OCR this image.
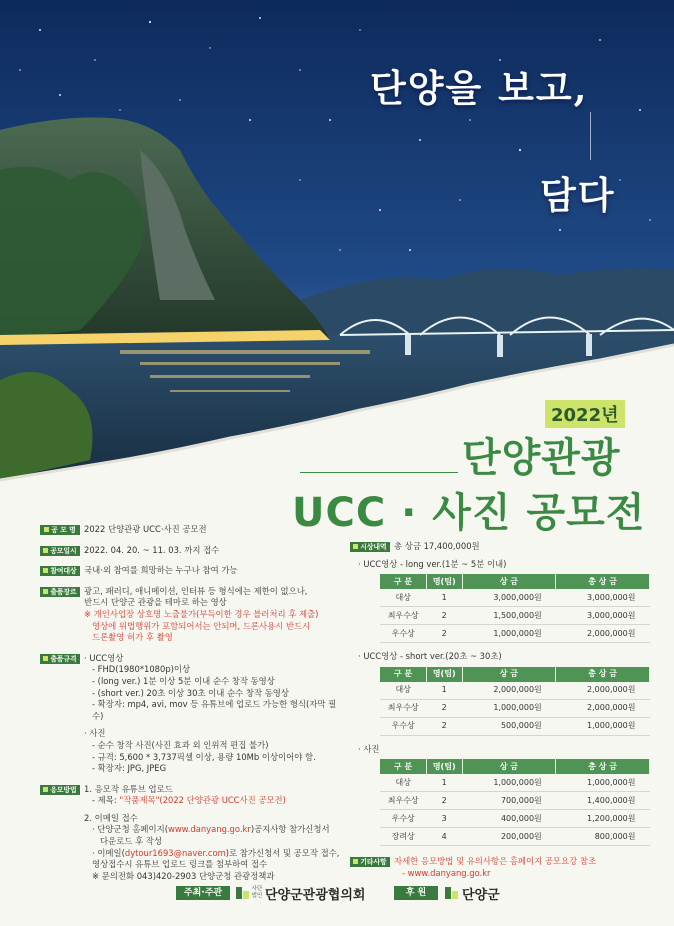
단양을 보고,
담다
2022년
단양관광
UCC · 사진 공모전
공 모 명 2022 단양관광 UCC·사진 공모전
공모일시 2022. 04. 20. ~ 11. 03. 까지 접수
참여대상 국내·외 참여를 희망하는 누구나 참여 가능
출품장르 광고, 패러디, 애니메이션, 인터뷰 등 형식에는 제한이 없으나,
반드시 단양군 관광을 테마로 하는 영상
※ 개인사업장 상호명 노출불가(부득이한 경우 블러처리 후 제출)
영상에 위법행위가 포함되어서는 안되며, 드론사용시 반드시
드론촬영 허가 후 촬영
출품규격 · UCC영상
- FHD(1980*1080p)이상
- (long ver.) 1분 이상 5분 이내 순수 창작 동영상
- (short ver.) 20초 이상 30초 이내 순수 창작 동영상
- 확장자: mp4, avi, mov 등 유튜브에 업로드 가능한 형식(자막 필수)
· 사진
- 순수 창작 사진(사진 효과 외 인위적 편집 불가)
- 규격: 5,600 * 3,737픽셀 이상, 용량 10Mb 이상이어야 함.
- 확장자: JPG, JPEG
응모방법 1. 응모작 유튜브 업로드
- 제목: "작품제목"(2022 단양관광 UCC사진 공모전)
2. 이메일 접수
· 단양군청 홈페이지(www.danyang.go.kr)공지사항 참가신청서
다운로드 후 작성
· 이메일(dytour1693@naver.com)로 참가신청서 및 공모작 접수,
영상접수시 유튜브 업로드 링크를 첨부하여 접수
※ 문의전화 043)420-2903 단양군청 관광정책과
시상내역 총 상금 17,400,000원
· UCC영상 - long ver.(1분 ~ 5분 이내)
구 분	명(팀)	상 금	총 상 금
대상	1	3,000,000원	3,000,000원
최우수상	2	1,500,000원	3,000,000원
우수상	2	1,000,000원	2,000,000원
· UCC영상 - short ver.(20초 ~ 30초)
구 분	명(팀)	상 금	총 상 금
대상	1	2,000,000원	2,000,000원
최우수상	2	1,000,000원	2,000,000원
우수상	2	500,000원	1,000,000원
· 사진
구 분	명(팀)	상 금	총 상 금
대상	1	1,000,000원	1,000,000원
최우수상	2	700,000원	1,400,000원
우수상	3	400,000원	1,200,000원
장려상	4	200,000원	800,000원
기타사항 자세한 응모방법 및 유의사항은 홈페이지 공모요강 참조
- www.danyang.go.kr
주최·주관	사단
법인 단양군관광협의회	후 원	단양군
